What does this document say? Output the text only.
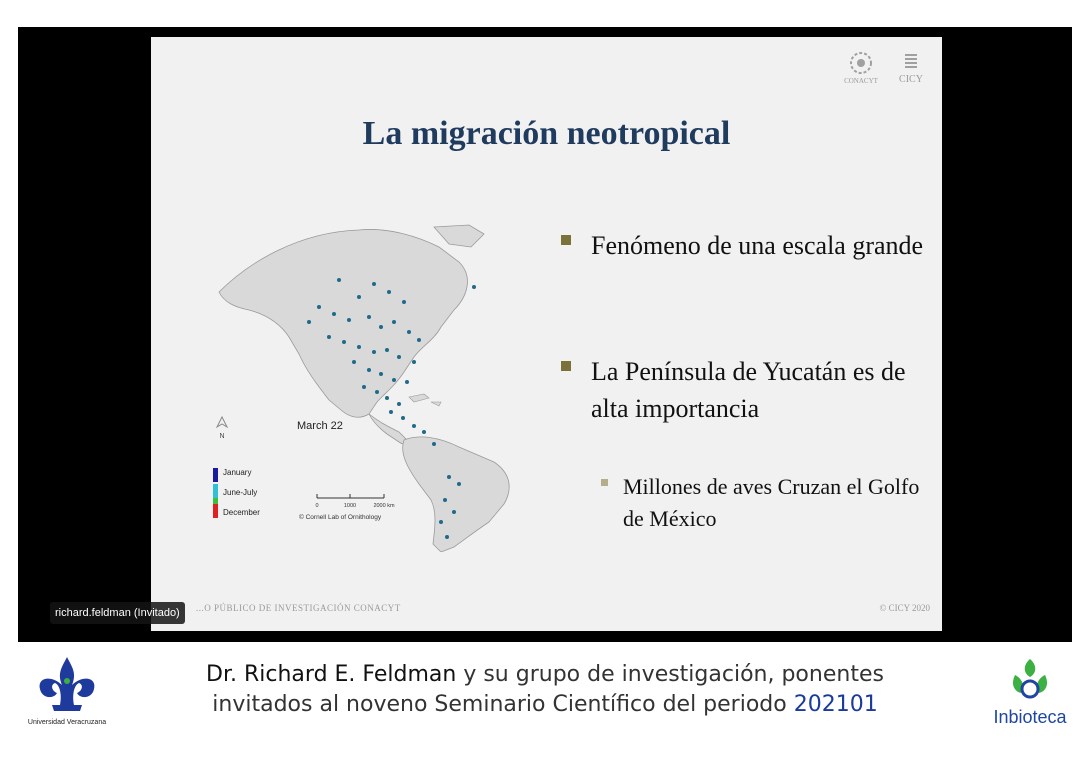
CONACYT	CICY
La migración neotropical
N
March 22
January
June-July
December
0	1000	2000 km
© Cornell Lab of Ornithology
Fenómeno de una escala grande
La Península de Yucatán es de alta importancia
Millones de aves Cruzan el Golfo de México
...O PÚBLICO DE INVESTIGACIÓN CONACYT	© CICY 2020
richard.feldman (Invitado)
Universidad Veracruzana
Dr. Richard E. Feldman y su grupo de investigación, ponentes
invitados al noveno Seminario Científico del periodo 202101	Inbioteca
